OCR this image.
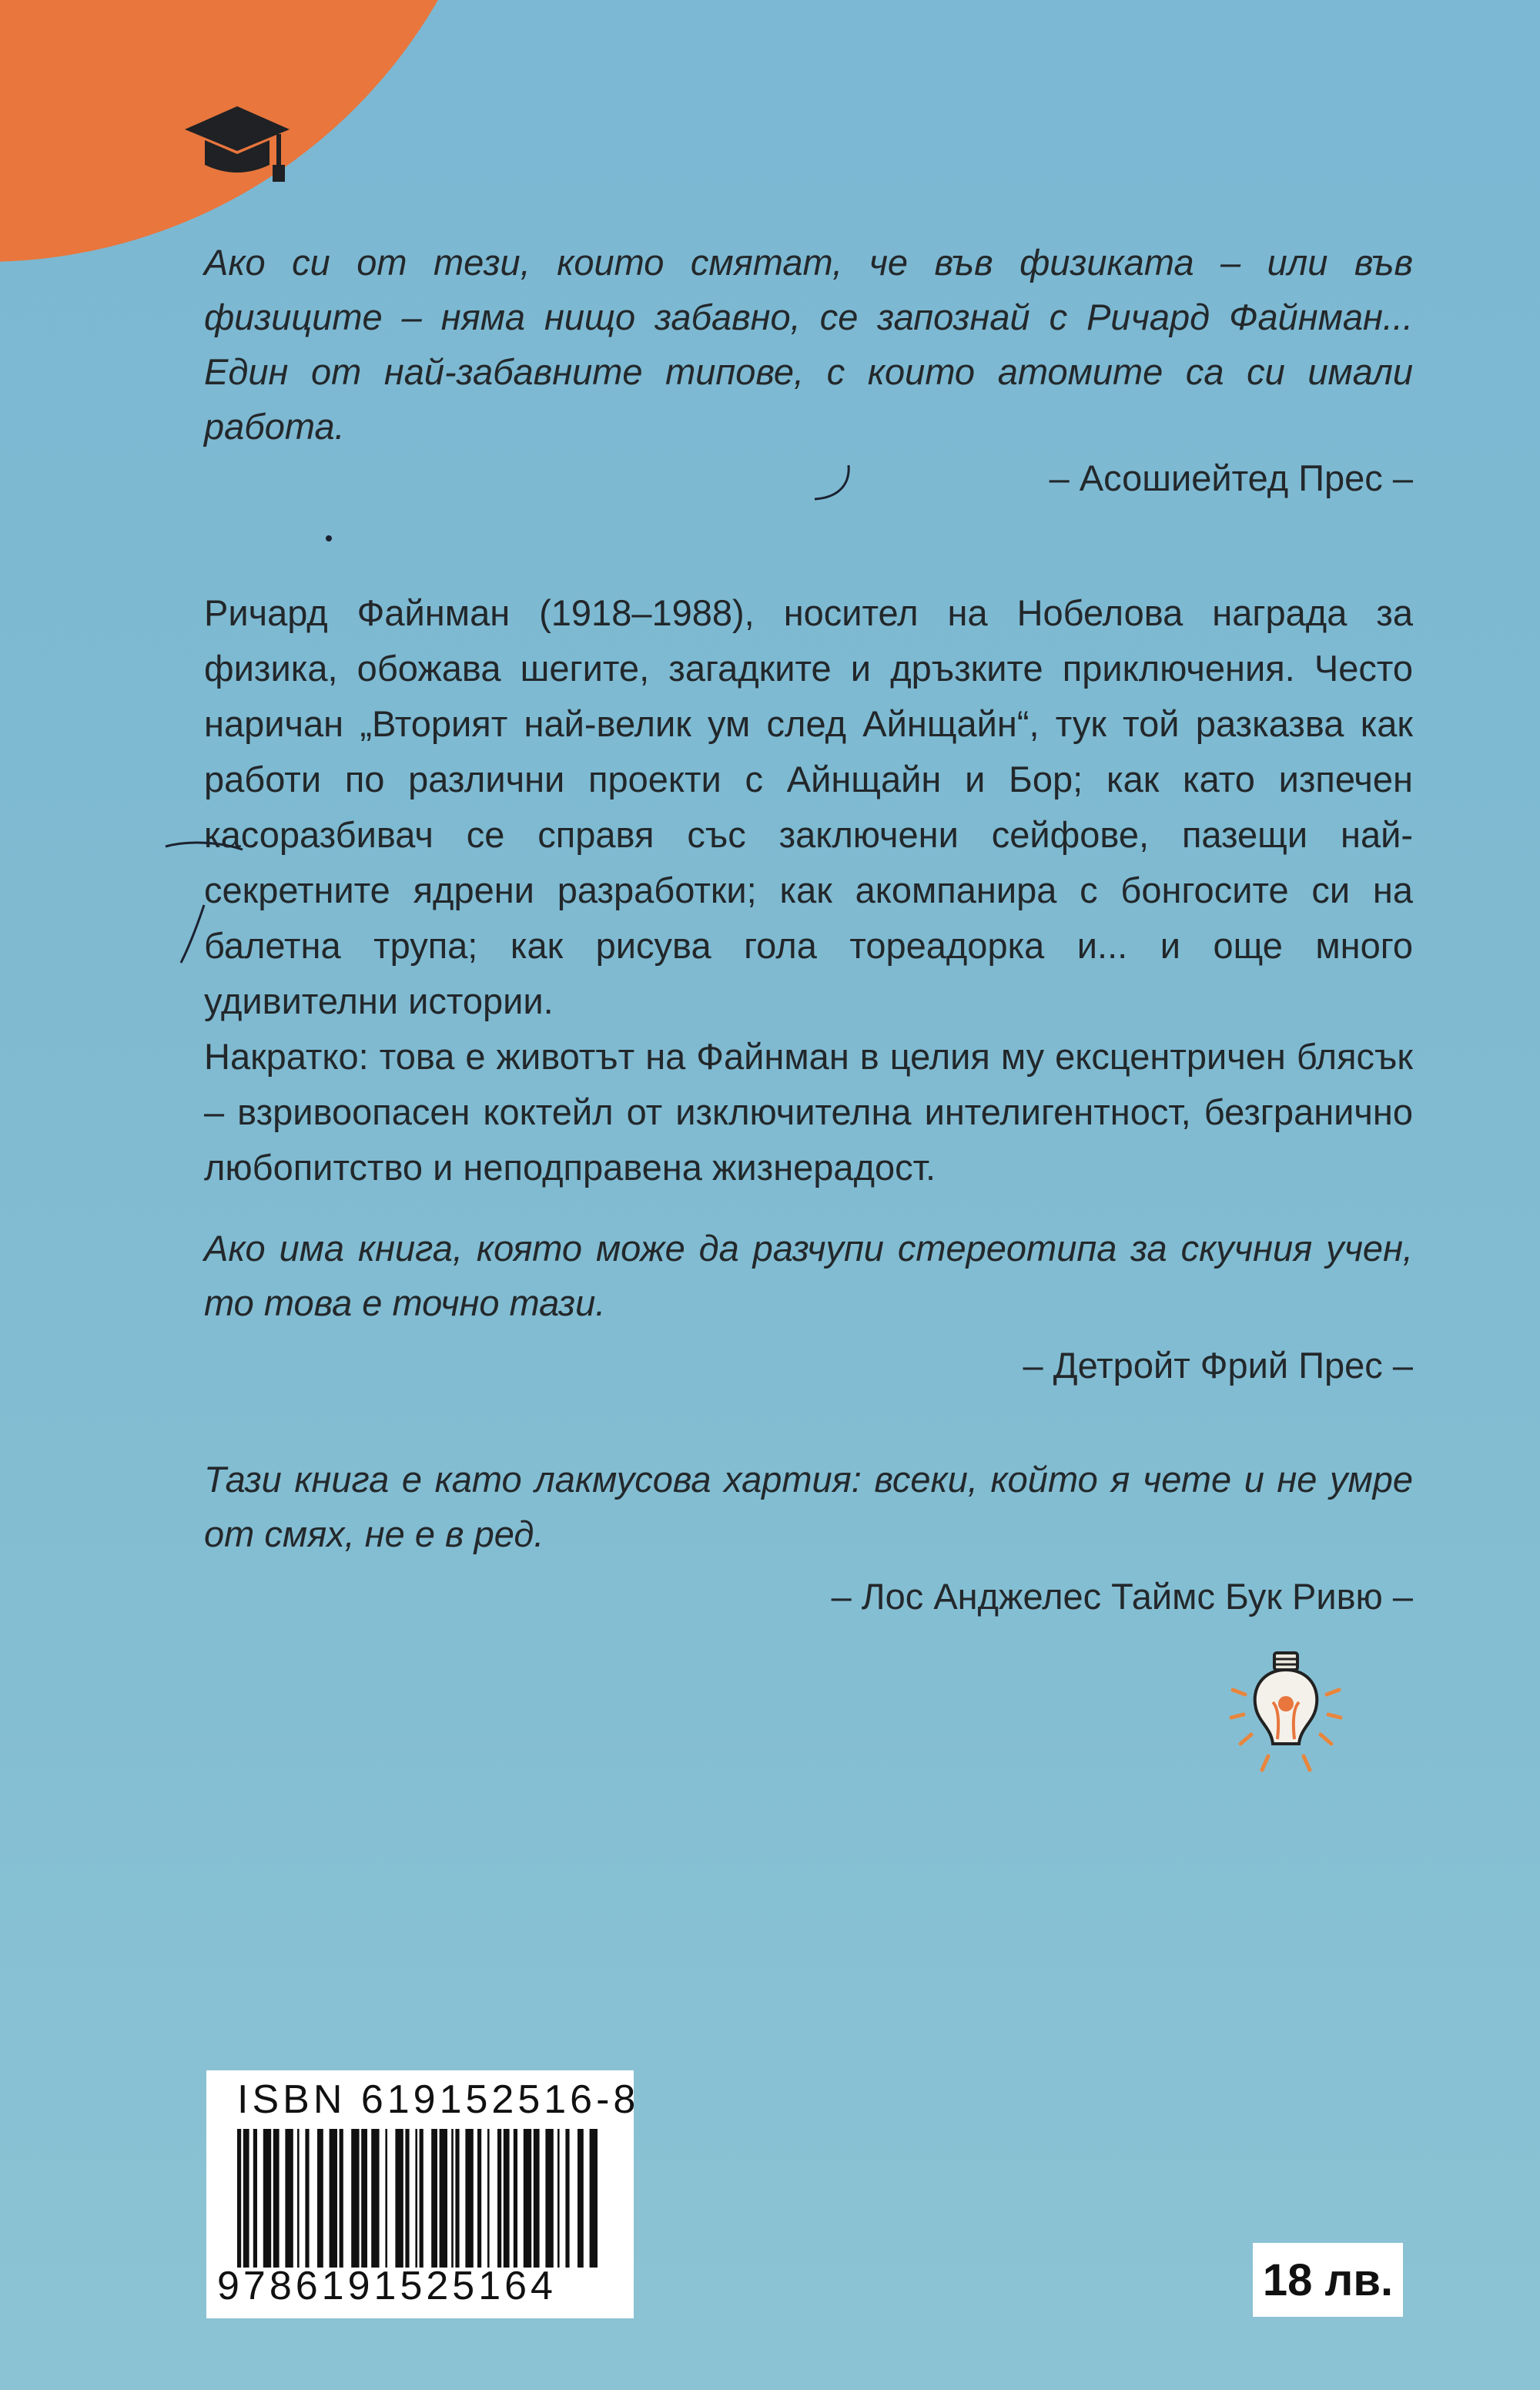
Ако си от тези, които смятат, че във физиката – или във физиците – няма нищо забавно, се запознай с Ричард Файнман... Един от най-забавните типове, с които атомите са си имали работа.

– Асошиейтед Прес –

Ричард Файнман (1918–1988), носител на Нобелова награда за физика, обожава шегите, загадките и дръзките приключения. Често наричан „Вторият най-велик ум след Айнщайн“, тук той разказва как работи по различни проекти с Айнщайн и Бор; как като изпечен касоразбивач се справя със заключени сейфове, пазещи най-секретните ядрени разработки; как акомпанира с бонгосите си на балетна трупа; как рисува гола тореадорка и... и още много удивителни истории.

Накратко: това е животът на Файнман в целия му ексцентричен блясък – взривоопасен коктейл от изключителна интелигентност, безгранично любопитство и неподправена жизнерадост.

Ако има книга, която може да разчупи стереотипа за скучния учен, то това е точно тази.

– Детройт Фрий Прес –

Тази книга е като лакмусова хартия: всеки, който я чете и не умре от смях, не е в ред.

– Лос Анджелес Таймс Бук Ривю –

ISBN 619152516-8
9786191525164	18 лв.
